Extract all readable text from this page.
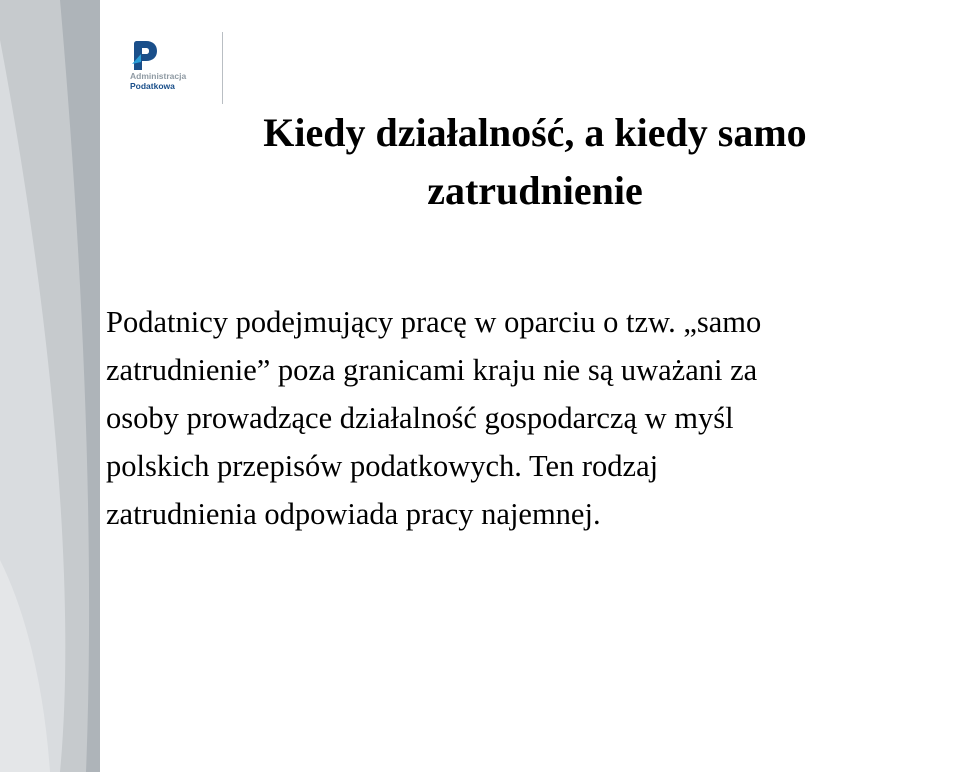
Administracja
Podatkowa
Kiedy działalność, a kiedy samo
zatrudnienie

Podatnicy podejmujący pracę w oparciu o tzw. „samo
zatrudnienie” poza granicami kraju nie są uważani za
osoby prowadzące działalność gospodarczą w myśl
polskich przepisów podatkowych. Ten rodzaj
zatrudnienia odpowiada pracy najemnej.
